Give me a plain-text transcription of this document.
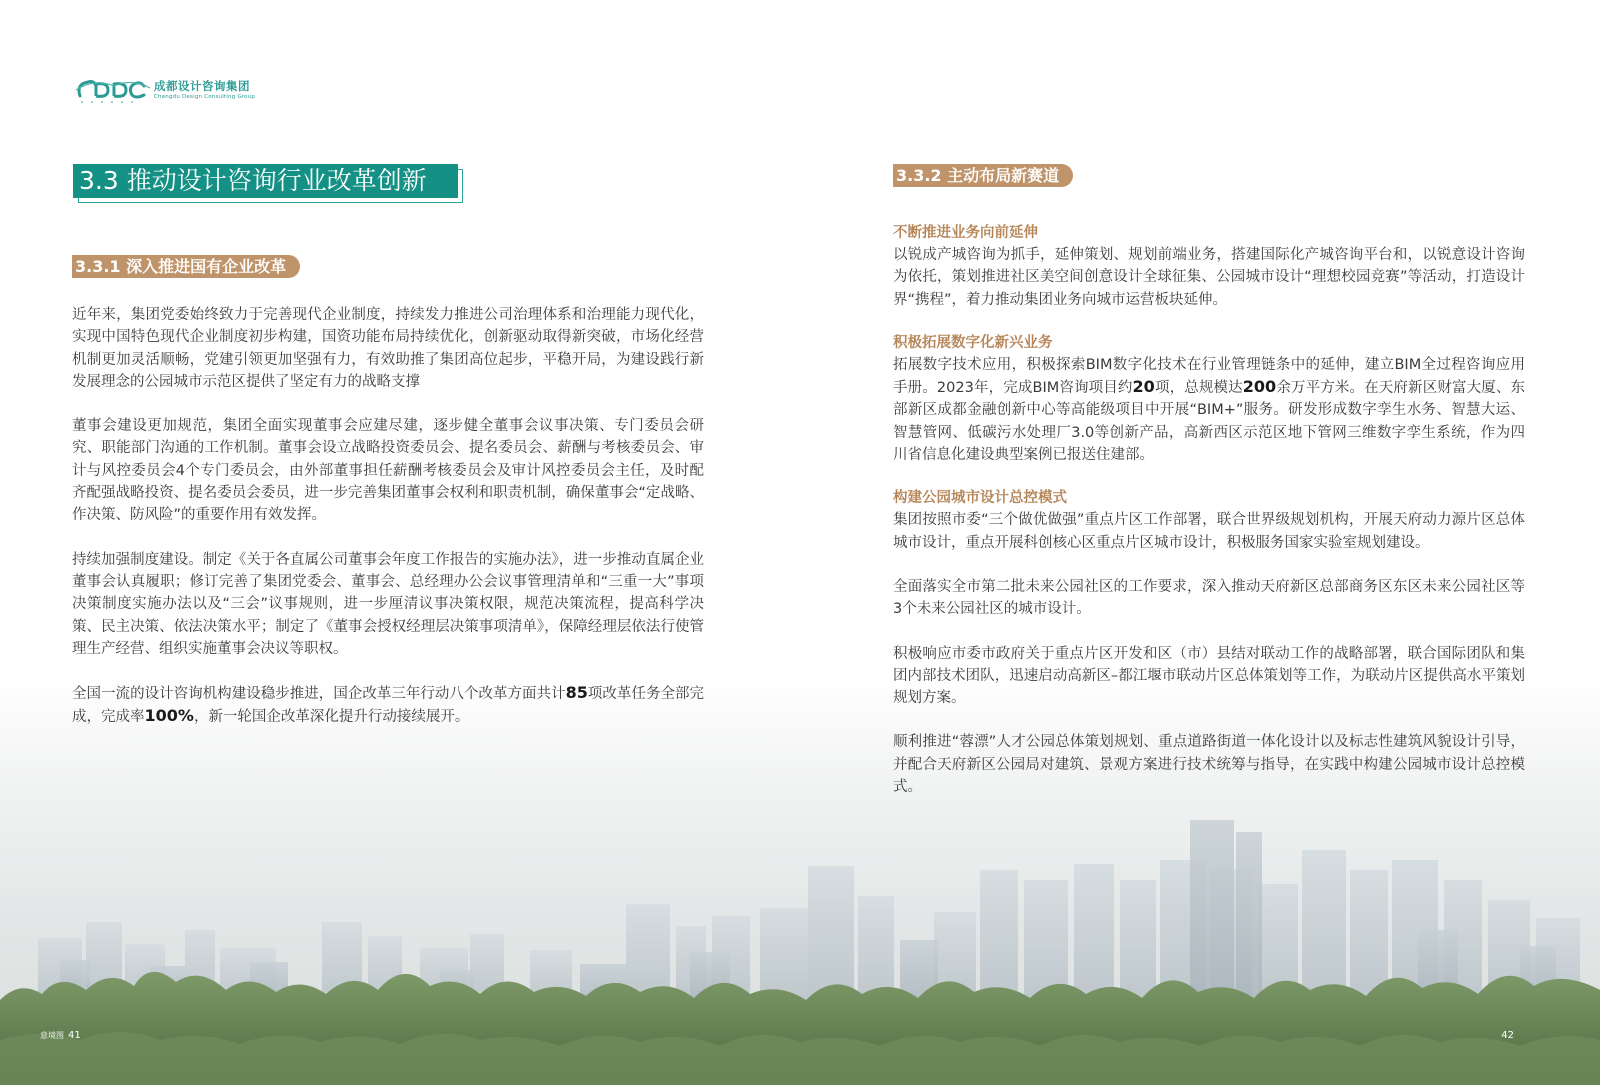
成都设计咨询集团
Chengdu Design Consulting Group
3.3 推动设计咨询行业改革创新
3.3.1 深入推进国有企业改革

近年来，集团党委始终致力于完善现代企业制度，持续发力推进公司治理体系和治理能力现代化，实现中国特色现代企业制度初步构建，国资功能布局持续优化，创新驱动取得新突破，市场化经营机制更加灵活顺畅，党建引领更加坚强有力，有效助推了集团高位起步，平稳开局，为建设践行新发展理念的公园城市示范区提供了坚定有力的战略支撑

董事会建设更加规范，集团全面实现董事会应建尽建，逐步健全董事会议事决策、专门委员会研究、职能部门沟通的工作机制。董事会设立战略投资委员会、提名委员会、薪酬与考核委员会、审计与风控委员会4个专门委员会，由外部董事担任薪酬考核委员会及审计风控委员会主任，及时配齐配强战略投资、提名委员会委员，进一步完善集团董事会权利和职责机制，确保董事会“定战略、作决策、防风险”的重要作用有效发挥。

持续加强制度建设。制定《关于各直属公司董事会年度工作报告的实施办法》，进一步推动直属企业董事会认真履职；修订完善了集团党委会、董事会、总经理办公会议事管理清单和“三重一大”事项决策制度实施办法以及“三会”议事规则，进一步厘清议事决策权限，规范决策流程，提高科学决策、民主决策、依法决策水平；制定了《董事会授权经理层决策事项清单》，保障经理层依法行使管理生产经营、组织实施董事会决议等职权。

全国一流的设计咨询机构建设稳步推进，国企改革三年行动八个改革方面共计85项改革任务全部完成，完成率100%，新一轮国企改革深化提升行动接续展开。

3.3.2 主动布局新赛道
不断推进业务向前延伸

以锐成产城咨询为抓手，延伸策划、规划前端业务，搭建国际化产城咨询平台和，以锐意设计咨询为依托，策划推进社区美空间创意设计全球征集、公园城市设计“理想校园竞赛”等活动，打造设计界“携程”，着力推动集团业务向城市运营板块延伸。

积极拓展数字化新兴业务

拓展数字技术应用，积极探索BIM数字化技术在行业管理链条中的延伸，建立BIM全过程咨询应用手册。2023年，完成BIM咨询项目约20项，总规模达200余万平方米。在天府新区财富大厦、东部新区成都金融创新中心等高能级项目中开展“BIM+”服务。研发形成数字孪生水务、智慧大运、智慧管网、低碳污水处理厂3.0等创新产品，高新西区示范区地下管网三维数字孪生系统，作为四川省信息化建设典型案例已报送住建部。

构建公园城市设计总控模式

集团按照市委“三个做优做强”重点片区工作部署，联合世界级规划机构，开展天府动力源片区总体城市设计，重点开展科创核心区重点片区城市设计，积极服务国家实验室规划建设。

全面落实全市第二批未来公园社区的工作要求，深入推动天府新区总部商务区东区未来公园社区等3个未来公园社区的城市设计。

积极响应市委市政府关于重点片区开发和区（市）县结对联动工作的战略部署，联合国际团队和集团内部技术团队，迅速启动高新区–都江堰市联动片区总体策划等工作，为联动片区提供高水平策划规划方案。

顺利推进“蓉漂”人才公园总体策划规划、重点道路街道一体化设计以及标志性建筑风貌设计引导，并配合天府新区公园局对建筑、景观方案进行技术统筹与指导，在实践中构建公园城市设计总控模式。

意境图 41	42
